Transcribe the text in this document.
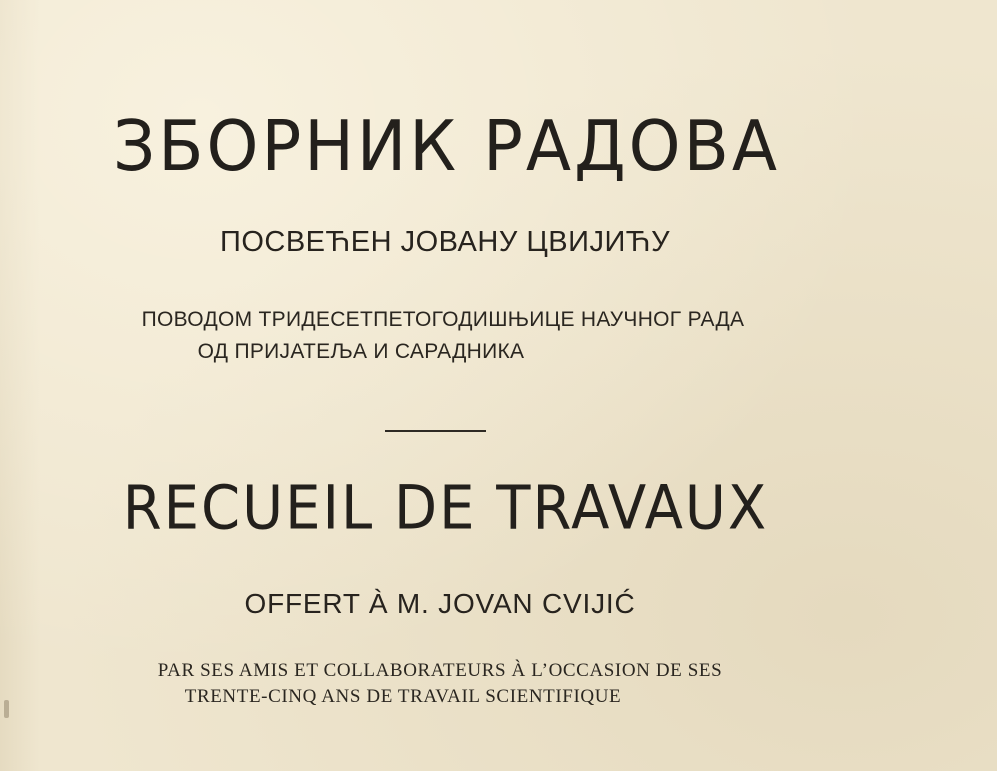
ЗБОРНИК РАДОВА
ПОСВЕЋЕН ЈОВАНУ ЦВИЈИЋУ
ПОВОДОМ ТРИДЕСЕТПЕТОГОДИШЊИЦЕ НАУЧНОГ РАДА
ОД ПРИЈАТЕЉА И САРАДНИКА
RECUEIL DE TRAVAUX
OFFERT À M. JOVAN CVIJIĆ
PAR SES AMIS ET COLLABORATEURS À L’OCCASION DE SES
TRENTE-CINQ ANS DE TRAVAIL SCIENTIFIQUE
